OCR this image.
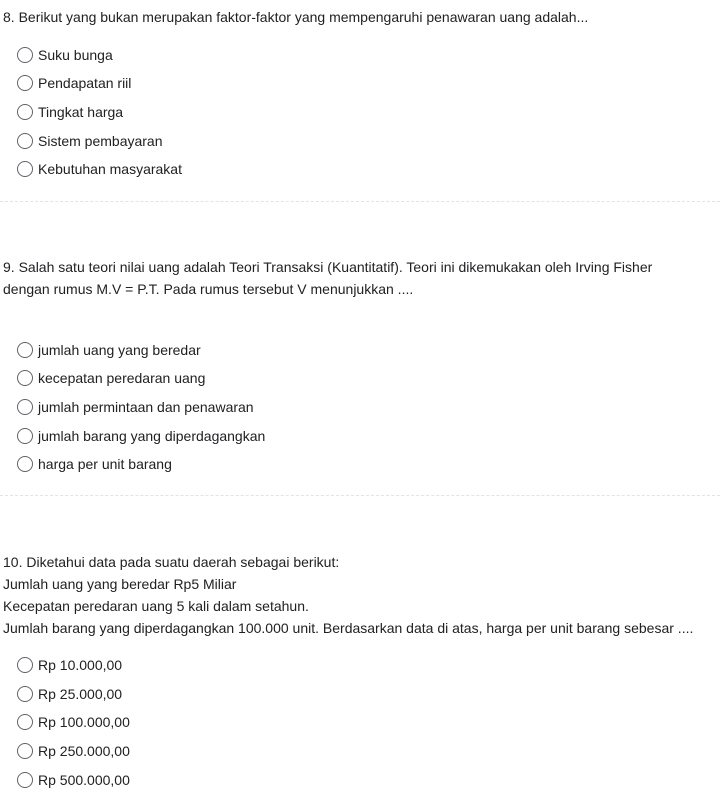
8. Berikut yang bukan merupakan faktor-faktor yang mempengaruhi penawaran uang adalah...
Suku bunga
Pendapatan riil
Tingkat harga
Sistem pembayaran
Kebutuhan masyarakat
9. Salah satu teori nilai uang adalah Teori Transaksi (Kuantitatif). Teori ini dikemukakan oleh Irving Fisher
dengan rumus M.V = P.T. Pada rumus tersebut V menunjukkan ....
jumlah uang yang beredar
kecepatan peredaran uang
jumlah permintaan dan penawaran
jumlah barang yang diperdagangkan
harga per unit barang
10. Diketahui data pada suatu daerah sebagai berikut:
Jumlah uang yang beredar Rp5 Miliar
Kecepatan peredaran uang 5 kali dalam setahun.
Jumlah barang yang diperdagangkan 100.000 unit. Berdasarkan data di atas, harga per unit barang sebesar ....
Rp 10.000,00
Rp 25.000,00
Rp 100.000,00
Rp 250.000,00
Rp 500.000,00
